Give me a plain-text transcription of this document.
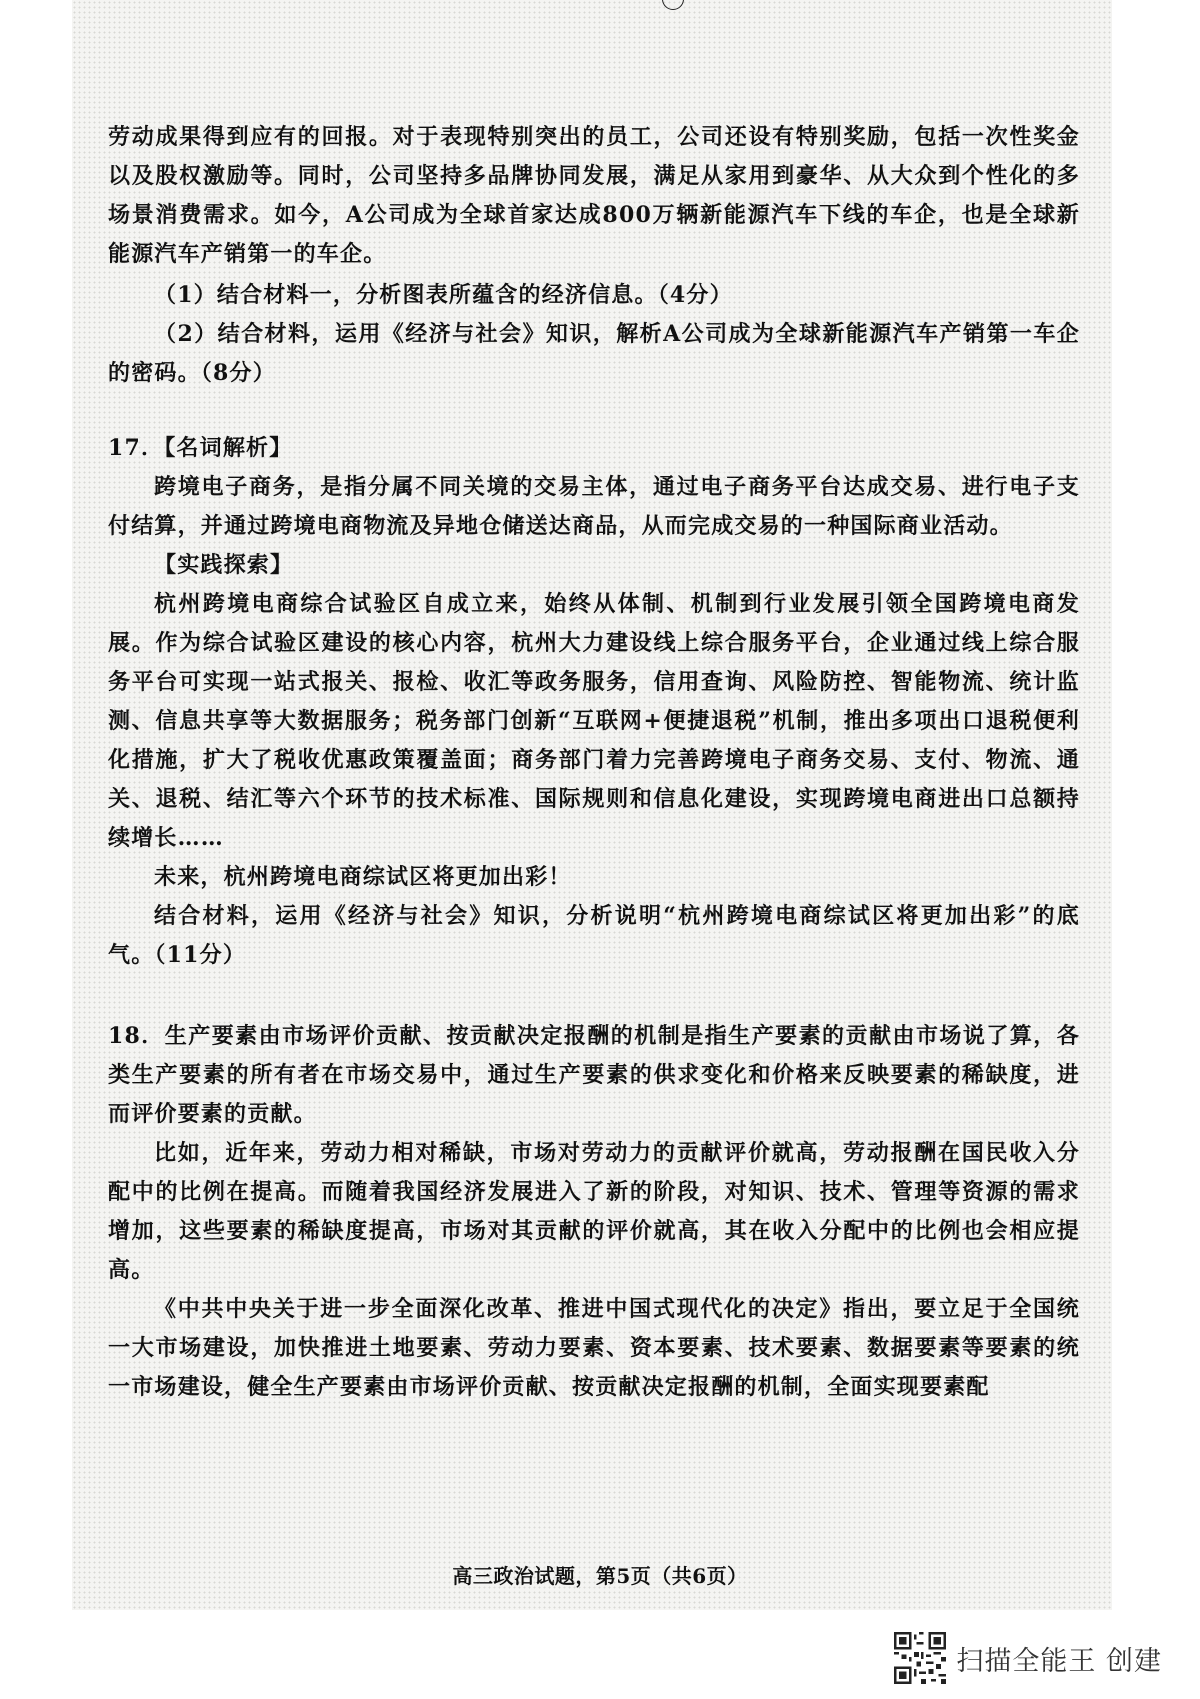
劳动成果得到应有的回报。对于表现特别突出的员工，公司还设有特别奖励，包括一次性奖金以及股权激励等。同时，公司坚持多品牌协同发展，满足从家用到豪华、从大众到个性化的多场景消费需求。如今，A公司成为全球首家达成800万辆新能源汽车下线的车企，也是全球新能源汽车产销第一的车企。

（1）结合材料一，分析图表所蕴含的经济信息。（4分）

（2）结合材料，运用《经济与社会》知识，解析A公司成为全球新能源汽车产销第一车企的密码。（8分）

17．【名词解析】

跨境电子商务，是指分属不同关境的交易主体，通过电子商务平台达成交易、进行电子支付结算，并通过跨境电商物流及异地仓储送达商品，从而完成交易的一种国际商业活动。

【实践探索】

杭州跨境电商综合试验区自成立来，始终从体制、机制到行业发展引领全国跨境电商发展。作为综合试验区建设的核心内容，杭州大力建设线上综合服务平台，企业通过线上综合服务平台可实现一站式报关、报检、收汇等政务服务，信用查询、风险防控、智能物流、统计监测、信息共享等大数据服务；税务部门创新“互联网+便捷退税”机制，推出多项出口退税便利化措施，扩大了税收优惠政策覆盖面；商务部门着力完善跨境电子商务交易、支付、物流、通关、退税、结汇等六个环节的技术标准、国际规则和信息化建设，实现跨境电商进出口总额持续增长……

未来，杭州跨境电商综试区将更加出彩！

结合材料，运用《经济与社会》知识，分析说明“杭州跨境电商综试区将更加出彩”的底气。（11分）

18．生产要素由市场评价贡献、按贡献决定报酬的机制是指生产要素的贡献由市场说了算，各类生产要素的所有者在市场交易中，通过生产要素的供求变化和价格来反映要素的稀缺度，进而评价要素的贡献。

比如，近年来，劳动力相对稀缺，市场对劳动力的贡献评价就高，劳动报酬在国民收入分配中的比例在提高。而随着我国经济发展进入了新的阶段，对知识、技术、管理等资源的需求增加，这些要素的稀缺度提高，市场对其贡献的评价就高，其在收入分配中的比例也会相应提高。

《中共中央关于进一步全面深化改革、推进中国式现代化的决定》指出，要立足于全国统一大市场建设，加快推进土地要素、劳动力要素、资本要素、技术要素、数据要素等要素的统一市场建设，健全生产要素由市场评价贡献、按贡献决定报酬的机制，全面实现要素配

高三政治试题，第5页（共6页）
扫描全能王 创建
